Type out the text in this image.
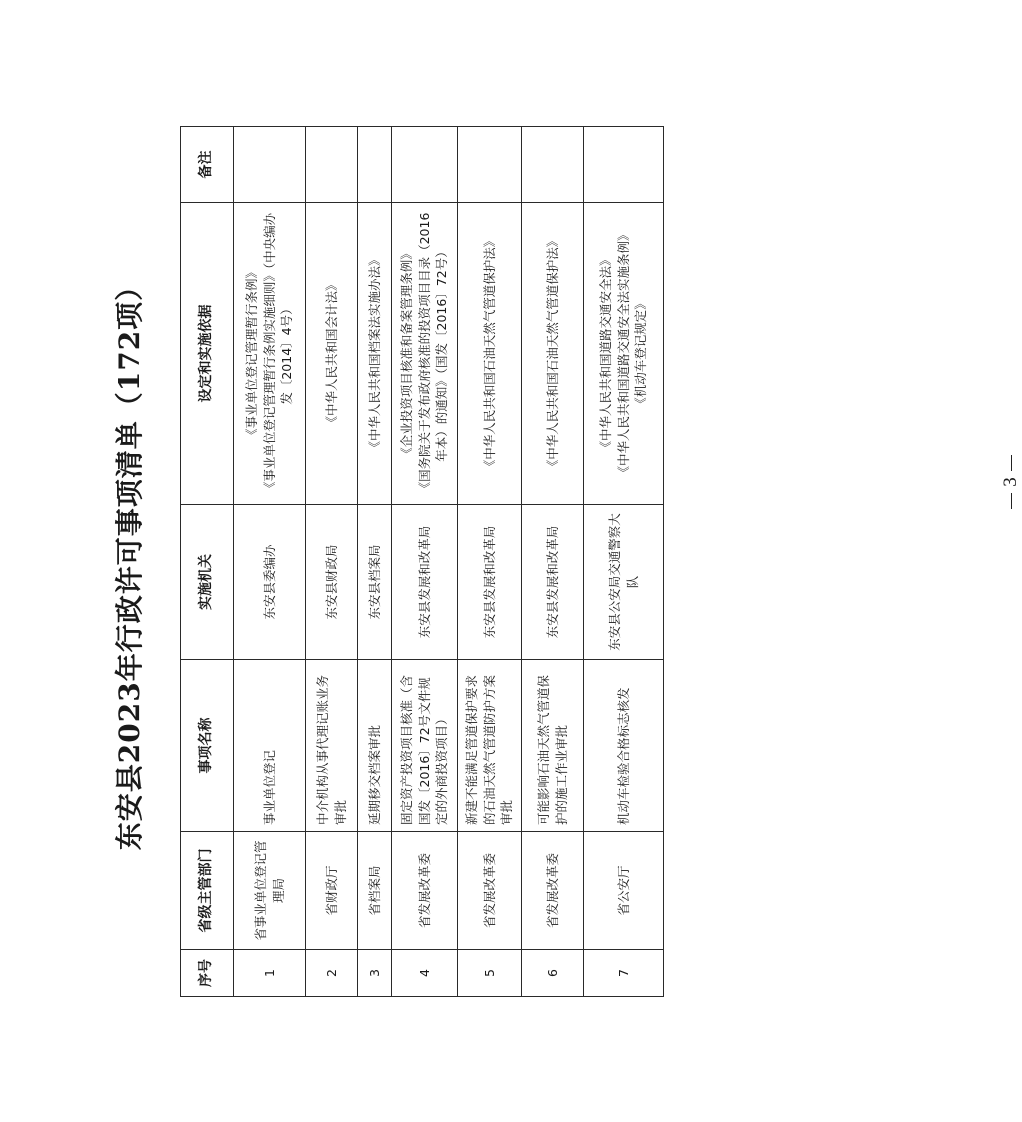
东安县2023年行政许可事项清单（172项）
序号	省级主管部门	事项名称	实施机关	设定和实施依据	备注
1	省事业单位登记管理局	事业单位登记	东安县委编办	《事业单位登记管理暂行条例》 《事业单位登记管理暂行条例实施细则》（中央编办发〔2014〕4号）	

2	省财政厅	中介机构从事代理记账业务审批	东安县财政局	《中华人民共和国会计法》	

3	省档案局	延期移交档案审批	东安县档案局	《中华人民共和国档案法实施办法》	

4	省发展改革委	固定资产投资项目核准（含国发〔2016〕72号文件规定的外商投资项目）	东安县发展和改革局	《企业投资项目核准和备案管理条例》 《国务院关于发布政府核准的投资项目目录（2016年本）的通知》（国发〔2016〕72号）	

5	省发展改革委	新建不能满足管道保护要求的石油天然气管道防护方案审批	东安县发展和改革局	《中华人民共和国石油天然气管道保护法》	

6	省发展改革委	可能影响石油天然气管道保护的施工作业审批	东安县发展和改革局	《中华人民共和国石油天然气管道保护法》	

7	省公安厅	机动车检验合格标志核发	东安县公安局交通警察大队	《中华人民共和国道路交通安全法》 《中华人民共和国道路交通安全法实施条例》 《机动车登记规定》	

3
